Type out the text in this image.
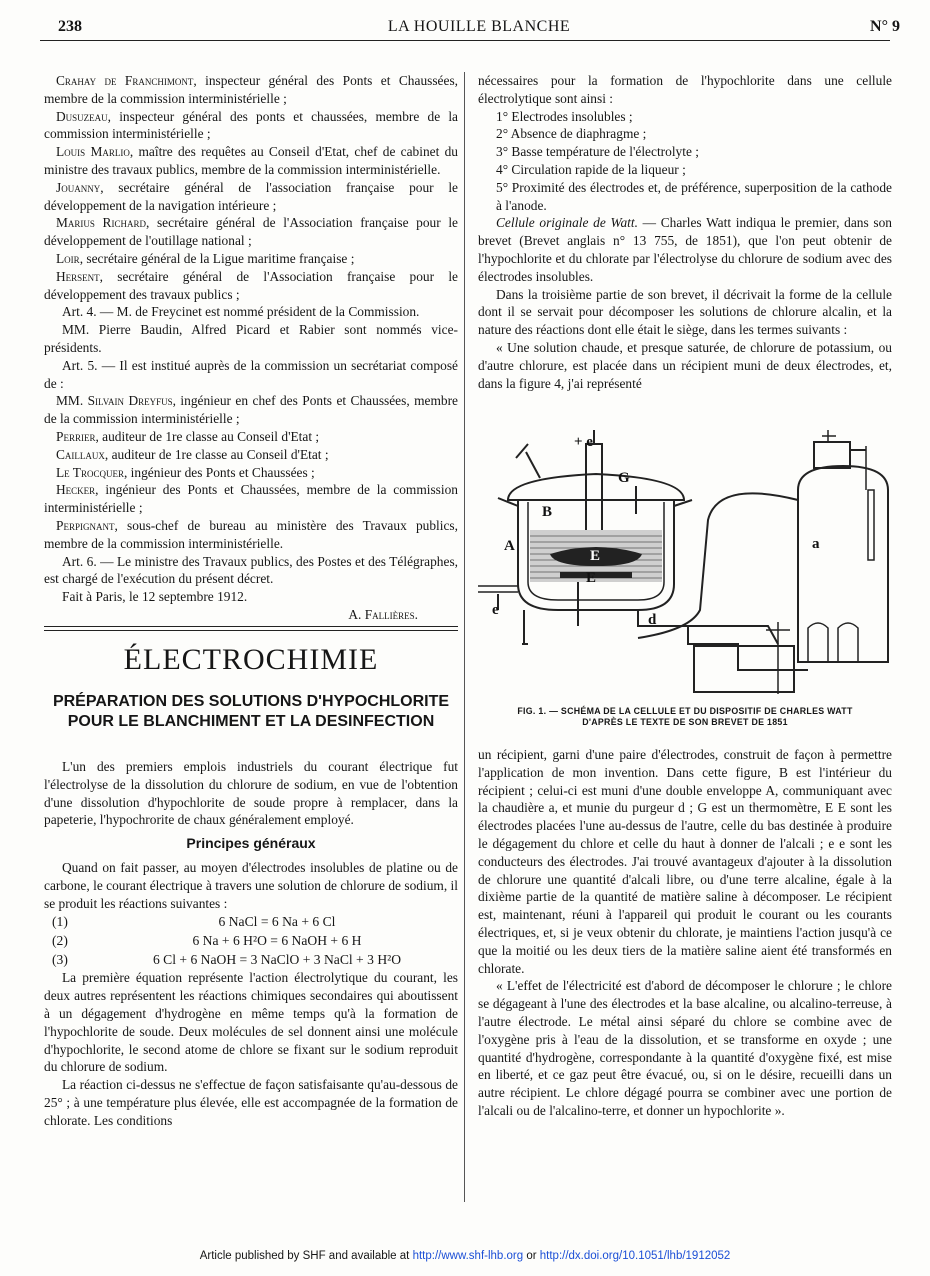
238	LA HOUILLE BLANCHE	N° 9

Crahay de Franchimont, inspecteur général des Ponts et Chaussées, membre de la commission interministérielle ;

Dusuzeau, inspecteur général des ponts et chaussées, membre de la commission interministérielle ;

Louis Marlio, maître des requêtes au Conseil d'Etat, chef de cabinet du ministre des travaux publics, membre de la commission interministérielle.

Jouanny, secrétaire général de l'association française pour le développement de la navigation intérieure ;

Marius Richard, secrétaire général de l'Association française pour le développement de l'outillage national ;

Loir, secrétaire général de la Ligue maritime française ;

Hersent, secrétaire général de l'Association française pour le développement des travaux publics ;

Art. 4. — M. de Freycinet est nommé président de la Commission.

MM. Pierre Baudin, Alfred Picard et Rabier sont nommés vice-présidents.

Art. 5. — Il est institué auprès de la commission un secrétariat composé de :

MM. Silvain Dreyfus, ingénieur en chef des Ponts et Chaussées, membre de la commission interministérielle ;

Perrier, auditeur de 1re classe au Conseil d'Etat ;

Caillaux, auditeur de 1re classe au Conseil d'Etat ;

Le Trocquer, ingénieur des Ponts et Chaussées ;

Hecker, ingénieur des Ponts et Chaussées, membre de la commission interministérielle ;

Perpignant, sous-chef de bureau au ministère des Travaux publics, membre de la commission interministérielle.

Art. 6. — Le ministre des Travaux publics, des Postes et des Télégraphes, est chargé de l'exécution du présent décret.

Fait à Paris, le 12 septembre 1912.

A. Fallières.

ÉLECTROCHIMIE
PRÉPARATION DES SOLUTIONS D'HYPOCHLORITE
POUR LE BLANCHIMENT ET LA DESINFECTION

L'un des premiers emplois industriels du courant électrique fut l'électrolyse de la dissolution du chlorure de sodium, en vue de l'obtention d'une dissolution d'hypochlorite de soude propre à remplacer, dans la papeterie, l'hypochrorite de chaux généralement employé.

Principes généraux

Quand on fait passer, au moyen d'électrodes insolubles de platine ou de carbone, le courant électrique à travers une solution de chlorure de sodium, il se produit les réactions suivantes :

(1)	6 NaCl = 6 Na + 6 Cl
(2)	6 Na + 6 H²O = 6 NaOH + 6 H
(3)	6 Cl + 6 NaOH = 3 NaClO + 3 NaCl + 3 H²O

La première équation représente l'action électrolytique du courant, les deux autres représentent les réactions chimiques secondaires qui aboutissent à un dégagement d'hydrogène en même temps qu'à la formation de l'hypochlorite de soude. Deux molécules de sel donnent ainsi une molécule d'hypochlorite, le second atome de chlore se fixant sur le sodium reproduit du chlorure de sodium.

La réaction ci-dessus ne s'effectue de façon satisfaisante qu'au-dessous de 25° ; à une température plus élevée, elle est accompagnée de la formation de chlorate. Les conditions

nécessaires pour la formation de l'hypochlorite dans une cellule électrolytique sont ainsi :

1° Electrodes insolubles ;

2° Absence de diaphragme ;

3° Basse température de l'électrolyte ;

4° Circulation rapide de la liqueur ;

5° Proximité des électrodes et, de préférence, superposition de la cathode à l'anode.

Cellule originale de Watt. — Charles Watt indiqua le premier, dans son brevet (Brevet anglais n° 13 755, de 1851), que l'on peut obtenir de l'hypochlorite et du chlorate par l'électrolyse du chlorure de sodium avec des électrodes insolubles.

Dans la troisième partie de son brevet, il décrivait la forme de la cellule dont il se servait pour décomposer les solutions de chlorure alcalin, et la nature des réactions dont elle était le siège, dans les termes suivants :

« Une solution chaude, et presque saturée, de chlorure de potassium, ou d'autre chlorure, est placée dans un récipient muni de deux électrodes, et, dans la figure 4, j'ai représenté

+ e
e
A
B
G
E
E
a
d
FIG. 1. — SCHÉMA DE LA CELLULE ET DU DISPOSITIF DE CHARLES WATT
D'APRÈS LE TEXTE DE SON BREVET DE 1851

un récipient, garni d'une paire d'électrodes, construit de façon à permettre l'application de mon invention. Dans cette figure, B est l'intérieur du récipient ; celui-ci est muni d'une double enveloppe A, communiquant avec la chaudière a, et munie du purgeur d ; G est un thermomètre, E E sont les électrodes placées l'une au-dessus de l'autre, celle du bas destinée à produire le dégagement du chlore et celle du haut à donner de l'alcali ; e e sont les conducteurs des électrodes. J'ai trouvé avantageux d'ajouter à la dissolution de chlorure une quantité d'alcali libre, ou d'une terre alcaline, égale à la dixième partie de la quantité de matière saline à décomposer. Le récipient est, maintenant, réuni à l'appareil qui produit le courant ou les courants électriques, et, si je veux obtenir du chlorate, je maintiens l'action jusqu'à ce que la moitié ou les deux tiers de la matière saline aient été transformés en chlorate.

« L'effet de l'électricité est d'abord de décomposer le chlorure ; le chlore se dégageant à l'une des électrodes et la base alcaline, ou alcalino-terreuse, à l'autre électrode. Le métal ainsi séparé du chlore se combine avec de l'oxygène pris à l'eau de la dissolution, et se transforme en oxyde ; une quantité d'hydrogène, correspondante à la quantité d'oxygène fixé, est mise en liberté, et ce gaz peut être évacué, ou, si on le désire, recueilli dans un autre récipient. Le chlore dégagé pourra se combiner avec une portion de l'alcali ou de l'alcalino-terre, et donner un hypochlorite ».

Article published by SHF and available at http://www.shf-lhb.org or http://dx.doi.org/10.1051/lhb/1912052
